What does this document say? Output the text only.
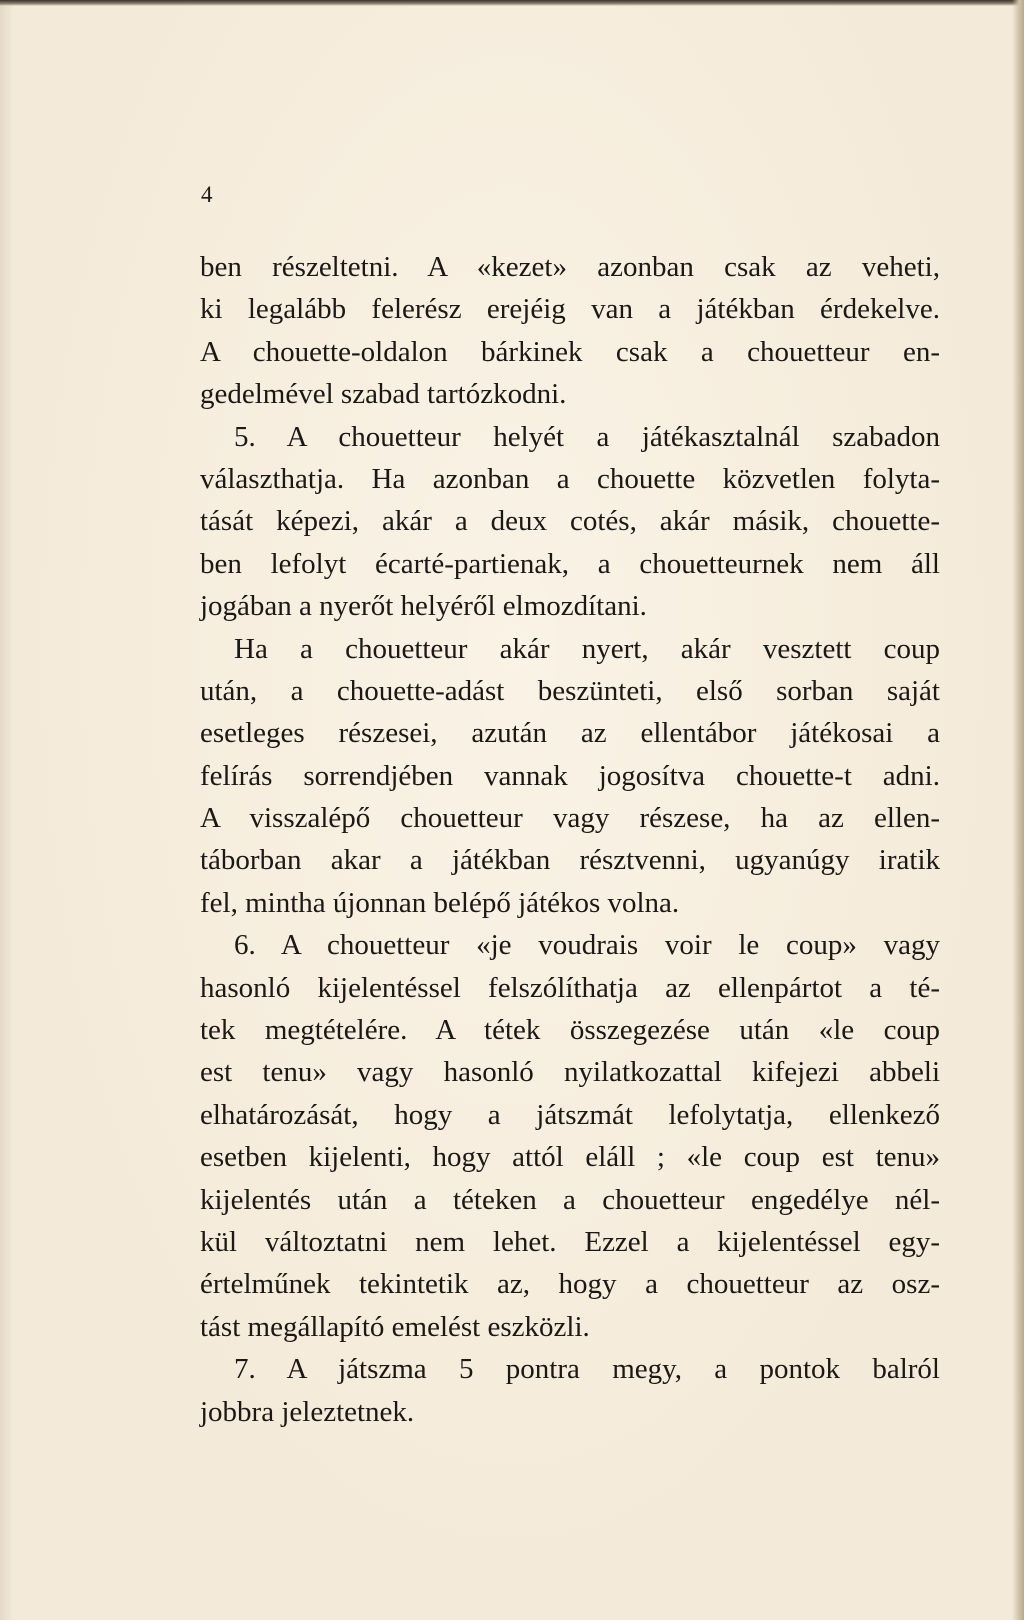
4
ben részeltetni. A «kezet» azonban csak az veheti,
ki legalább felerész erejéig van a játékban érdekelve.
A chouette-oldalon bárkinek csak a chouetteur en-
gedelmével szabad tartózkodni.
5. A chouetteur helyét a játékasztalnál szabadon
választhatja. Ha azonban a chouette közvetlen folyta-
tását képezi, akár a deux cotés, akár másik, chouette-
ben lefolyt écarté-partienak, a chouetteurnek nem áll
jogában a nyerőt helyéről elmozdítani.
Ha a chouetteur akár nyert, akár vesztett coup
után, a chouette-adást beszünteti, első sorban saját
esetleges részesei, azután az ellentábor játékosai a
felírás sorrendjében vannak jogosítva chouette-t adni.
A visszalépő chouetteur vagy részese, ha az ellen-
táborban akar a játékban résztvenni, ugyanúgy iratik
fel, mintha újonnan belépő játékos volna.
6. A chouetteur «je voudrais voir le coup» vagy
hasonló kijelentéssel felszólíthatja az ellenpártot a té-
tek megtételére. A tétek összegezése után «le coup
est tenu» vagy hasonló nyilatkozattal kifejezi abbeli
elhatározását, hogy a játszmát lefolytatja, ellenkező
esetben kijelenti, hogy attól eláll ; «le coup est tenu»
kijelentés után a téteken a chouetteur engedélye nél-
kül változtatni nem lehet. Ezzel a kijelentéssel egy-
értelműnek tekintetik az, hogy a chouetteur az osz-
tást megállapító emelést eszközli.
7. A játszma 5 pontra megy, a pontok balról
jobbra jeleztetnek.
